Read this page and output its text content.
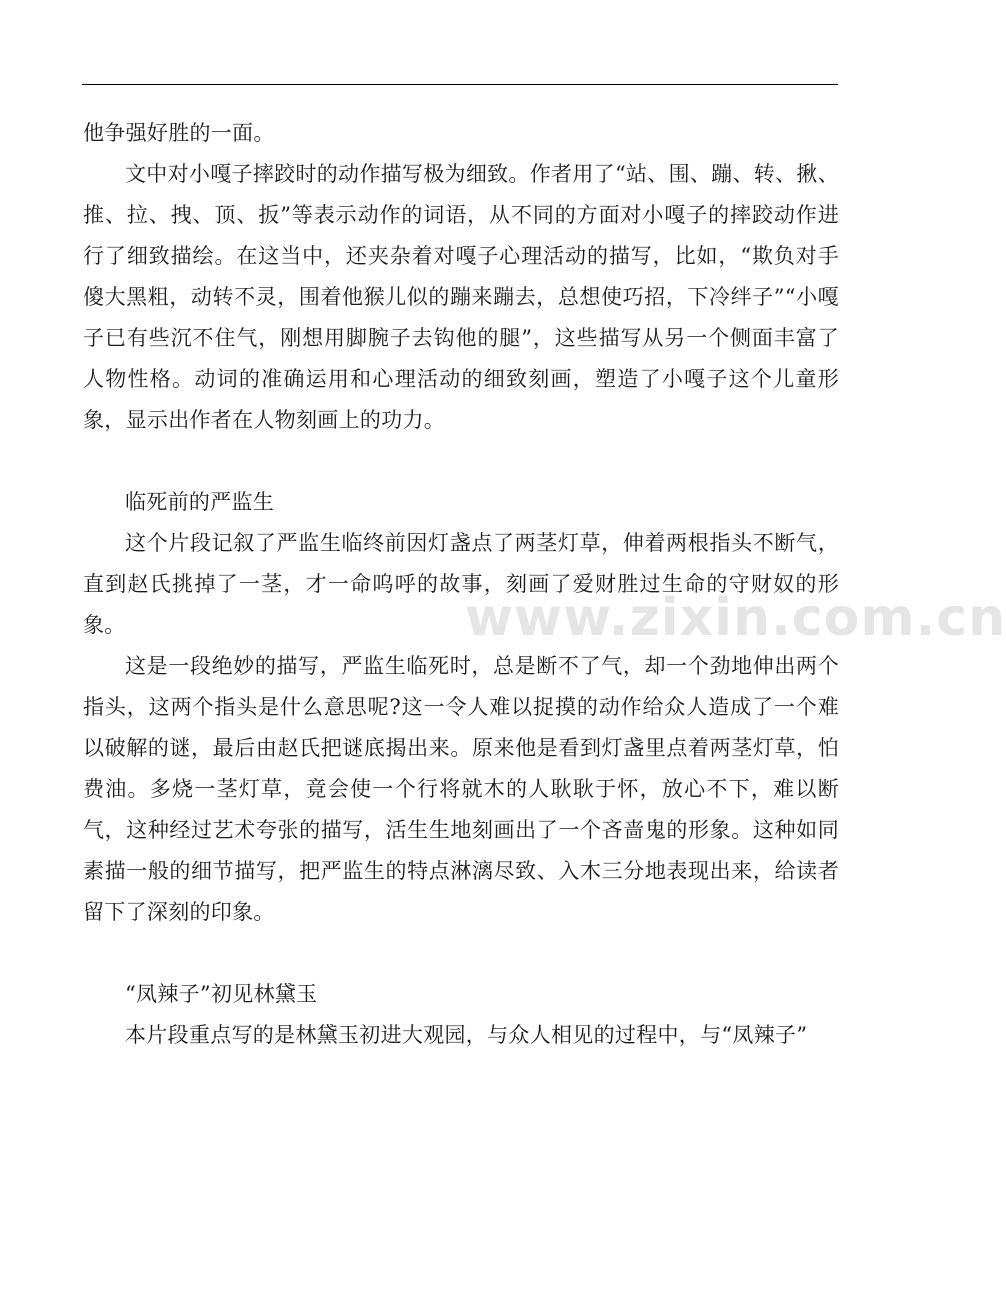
www.zixin.com.cn

他争强好胜的一面。

文中对小嘎子摔跤时的动作描写极为细致。作者用了“站、围、蹦、转、揪、推、拉、拽、顶、扳”等表示动作的词语，从不同的方面对小嘎子的摔跤动作进行了细致描绘。在这当中，还夹杂着对嘎子心理活动的描写，比如，“欺负对手傻大黑粗，动转不灵，围着他猴儿似的蹦来蹦去，总想使巧招，下冷绊子”“小嘎子已有些沉不住气，刚想用脚腕子去钩他的腿”，这些描写从另一个侧面丰富了人物性格。动词的准确运用和心理活动的细致刻画，塑造了小嘎子这个儿童形象，显示出作者在人物刻画上的功力。

临死前的严监生

这个片段记叙了严监生临终前因灯盏点了两茎灯草，伸着两根指头不断气，直到赵氏挑掉了一茎，才一命呜呼的故事，刻画了爱财胜过生命的守财奴的形象。

这是一段绝妙的描写，严监生临死时，总是断不了气，却一个劲地伸出两个指头，这两个指头是什么意思呢?这一令人难以捉摸的动作给众人造成了一个难以破解的谜，最后由赵氏把谜底揭出来。原来他是看到灯盏里点着两茎灯草，怕费油。多烧一茎灯草，竟会使一个行将就木的人耿耿于怀，放心不下，难以断气，这种经过艺术夸张的描写，活生生地刻画出了一个吝啬鬼的形象。这种如同素描一般的细节描写，把严监生的特点淋漓尽致、入木三分地表现出来，给读者留下了深刻的印象。

“凤辣子”初见林黛玉

本片段重点写的是林黛玉初进大观园，与众人相见的过程中，与“凤辣子”
